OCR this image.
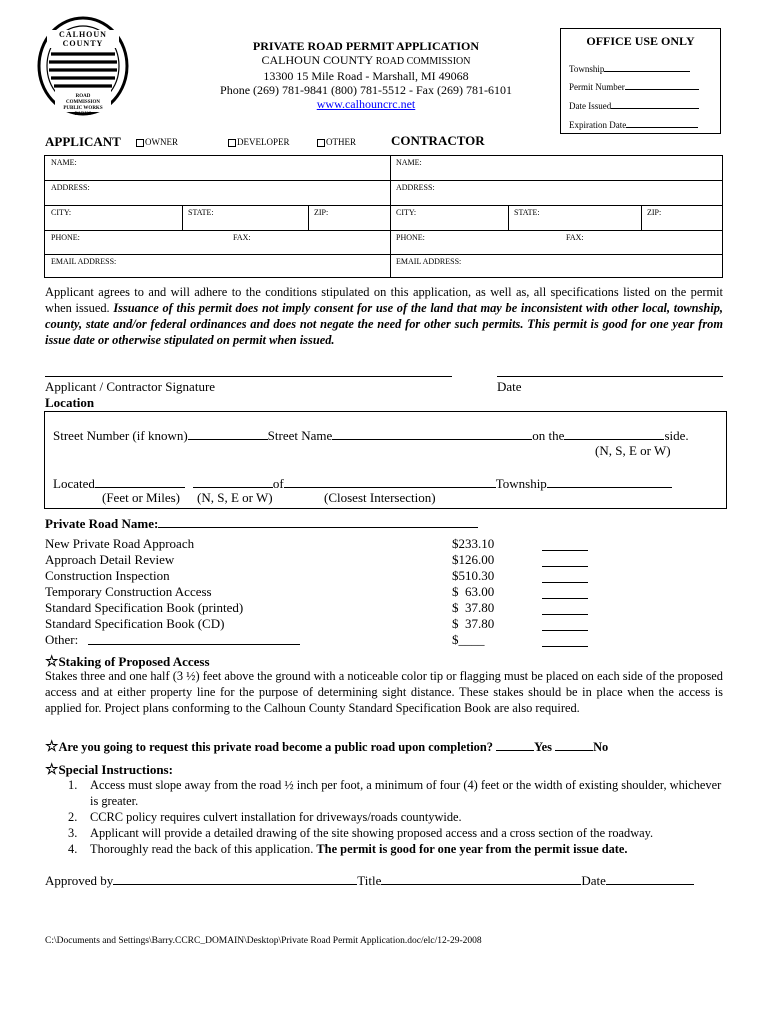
CALHOUN COUNTY
ROAD COMMISSION PUBLIC WORKS PARKS
PRIVATE ROAD PERMIT APPLICATION
CALHOUN COUNTY ROAD COMMISSION
13300 15 Mile Road - Marshall, MI 49068
Phone (269) 781-9841 (800) 781-5512 - Fax (269) 781-6101
www.calhouncrc.net
OFFICE USE ONLY
Township
Permit Number
Date Issued
Expiration Date
APPLICANT	OWNER	DEVELOPER	OTHER	CONTRACTOR
NAME:
ADDRESS:
CITY:	STATE:	ZIP:
PHONE:	FAX:
EMAIL ADDRESS:
NAME:
ADDRESS:
CITY:	STATE:	ZIP:
PHONE:	FAX:
EMAIL ADDRESS:
Applicant agrees to and will adhere to the conditions stipulated on this application, as well as, all specifications listed on the permit when issued. Issuance of this permit does not imply consent for use of the land that may be inconsistent with other local, township, county, state and/or federal ordinances and does not negate the need for other such permits. This permit is good for one year from issue date or otherwise stipulated on permit when issued.
Applicant / Contractor Signature	Date
Location
Street Number (if known)	Street Name	on the	side.
(N, S, E or W)
Located	of	Township
(Feet or Miles) (N, S, E or W)	(Closest Intersection)
Private Road Name:
New Private Road Approach	$233.10
Approach Detail Review	$126.00
Construction Inspection	$510.30
Temporary Construction Access	$  63.00
Standard Specification Book (printed)	$  37.80
Standard Specification Book (CD)	$  37.80
Other:	$____
☆Staking of Proposed Access
Stakes three and one half (3 ½) feet above the ground with a noticeable color tip or flagging must be placed on each side of the proposed access and at either property line for the purpose of determining sight distance. These stakes should be in place when the access is applied for. Project plans conforming to the Calhoun County Standard Specification Book are also required.
☆Are you going to request this private road become a public road upon completion?	Yes	No
☆Special Instructions:
1.	Access must slope away from the road ½ inch per foot, a minimum of four (4) feet or the width of existing shoulder, whichever is greater.
2.	CCRC policy requires culvert installation for driveways/roads countywide.
3.	Applicant will provide a detailed drawing of the site showing proposed access and a cross section of the roadway.
4.	Thoroughly read the back of this application. The permit is good for one year from the permit issue date.
Approved by	Title	Date
C:\Documents and Settings\Barry.CCRC_DOMAIN\Desktop\Private Road Permit Application.doc/elc/12-29-2008
